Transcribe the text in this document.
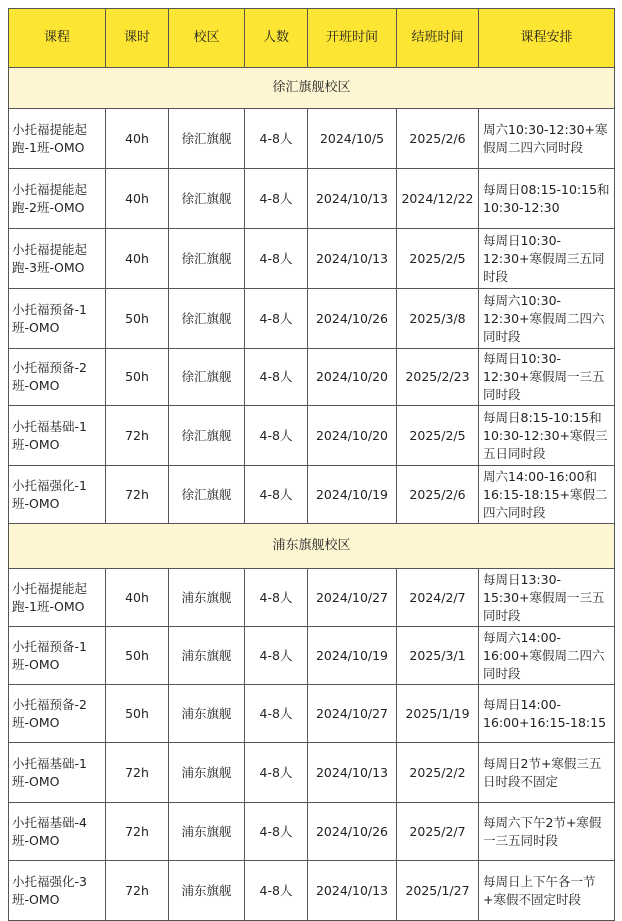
课程	课时	校区	人数	开班时间	结班时间	课程安排
徐汇旗舰校区						
小托福提能起跑-1班-OMO	40h	徐汇旗舰	4-8人	2024/10/5	2025/2/6	周六10:30-12:30+寒假周二四六同时段
小托福提能起跑-2班-OMO	40h	徐汇旗舰	4-8人	2024/10/13	2024/12/22	每周日08:15-10:15和10:30-12:30
小托福提能起跑-3班-OMO	40h	徐汇旗舰	4-8人	2024/10/13	2025/2/5	每周日10:30-12:30+寒假周三五同时段
小托福预备-1班-OMO	50h	徐汇旗舰	4-8人	2024/10/26	2025/3/8	每周六10:30-12:30+寒假周二四六同时段
小托福预备-2班-OMO	50h	徐汇旗舰	4-8人	2024/10/20	2025/2/23	每周日10:30-12:30+寒假周一三五同时段
小托福基础-1班-OMO	72h	徐汇旗舰	4-8人	2024/10/20	2025/2/5	每周日8:15-10:15和10:30-12:30+寒假三五日同时段
小托福强化-1班-OMO	72h	徐汇旗舰	4-8人	2024/10/19	2025/2/6	周六14:00-16:00和16:15-18:15+寒假二四六同时段
浦东旗舰校区						
小托福提能起跑-1班-OMO	40h	浦东旗舰	4-8人	2024/10/27	2024/2/7	每周日13:30-15:30+寒假周一三五同时段
小托福预备-1班-OMO	50h	浦东旗舰	4-8人	2024/10/19	2025/3/1	每周六14:00-16:00+寒假周二四六同时段
小托福预备-2班-OMO	50h	浦东旗舰	4-8人	2024/10/27	2025/1/19	每周日14:00-16:00+16:15-18:15
小托福基础-1班-OMO	72h	浦东旗舰	4-8人	2024/10/13	2025/2/2	每周日2节+寒假三五日时段不固定
小托福基础-4班-OMO	72h	浦东旗舰	4-8人	2024/10/26	2025/2/7	每周六下午2节+寒假一三五同时段
小托福强化-3班-OMO	72h	浦东旗舰	4-8人	2024/10/13	2025/1/27	每周日上下午各一节+寒假不固定时段
